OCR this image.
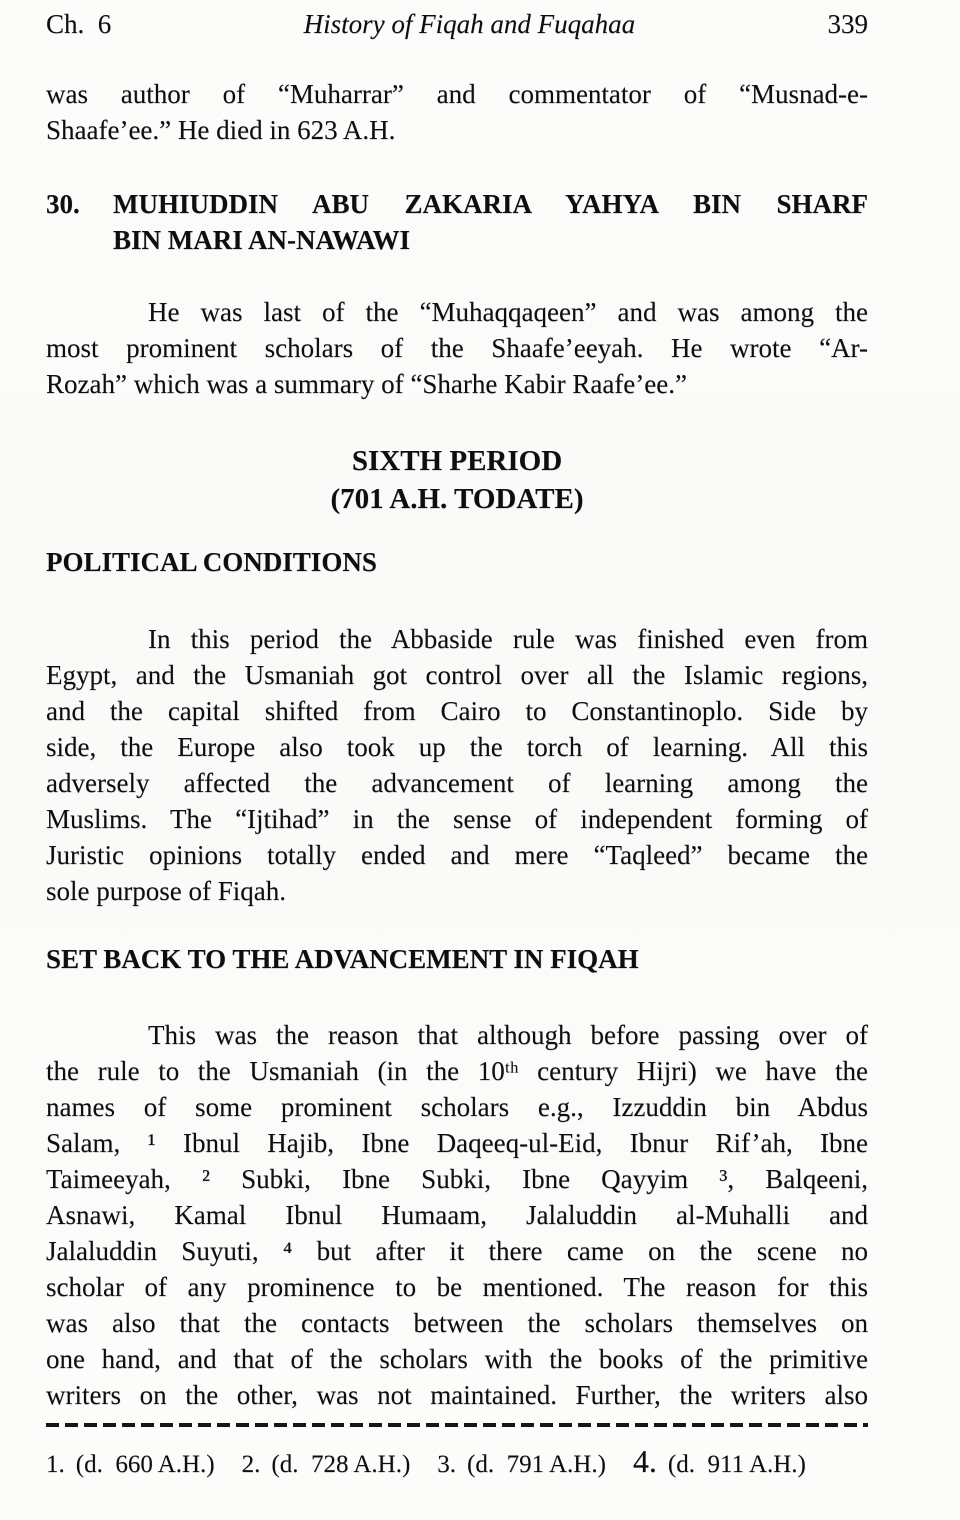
Ch.  6	History of Fiqah and Fuqahaa	339
was author of “Muharrar” and commentator of “Musnad-e-
Shaafe’ee.” He died in 623 A.H.
30.	MUHIUDDIN ABU ZAKARIA YAHYA BIN SHARF
BIN MARI AN-NAWAWI
He was last of the “Muhaqqaqeen” and was among the
most prominent scholars of the Shaafe’eeyah. He wrote “Ar-
Rozah” which was a summary of “Sharhe Kabir Raafe’ee.”
SIXTH PERIOD
(701 A.H. TODATE)
POLITICAL CONDITIONS
In this period the Abbaside rule was finished even from
Egypt, and the Usmaniah got control over all the Islamic regions,
and the capital shifted from Cairo to Constantinoplo. Side by
side, the Europe also took up the torch of learning. All this
adversely affected the advancement of learning among the
Muslims. The “Ijtihad” in the sense of independent forming of
Juristic opinions totally ended and mere “Taqleed” became the
sole purpose of Fiqah.
SET BACK TO THE ADVANCEMENT IN FIQAH
This was the reason that although before passing over of
the rule to the Usmaniah (in the 10ᵗʰ century Hijri) we have the
names of some prominent scholars e.g., Izzuddin bin Abdus
Salam, ¹ Ibnul Hajib, Ibne Daqeeq-ul-Eid, Ibnur Rif’ah, Ibne
Taimeeyah, ² Subki, Ibne Subki, Ibne Qayyim ³, Balqeeni,
Asnawi, Kamal Ibnul Humaam, Jalaluddin al-Muhalli and
Jalaluddin Suyuti, ⁴ but after it there came on the scene no
scholar of any prominence to be mentioned. The reason for this
was also that the contacts between the scholars themselves on
one hand, and that of the scholars with the books of the primitive
writers on the other, was not maintained. Further, the writers also
1. (d.  660 A.H.) 2. (d.  728 A.H.) 3. (d.  791 A.H.) 4. (d.  911 A.H.)
